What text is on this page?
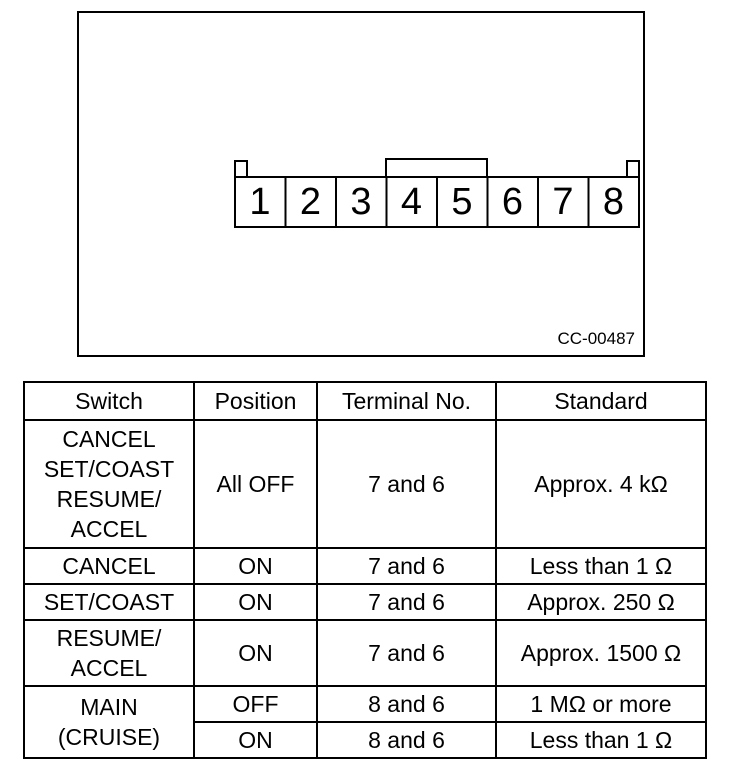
1 2 3 4 5 6 7 8
CC-00487
Switch	Position	Terminal No.	Standard
CANCEL
SET/COAST
RESUME/
ACCEL	All OFF	7 and 6	Approx. 4 kΩ
CANCEL	ON	7 and 6	Less than 1 Ω
SET/COAST	ON	7 and 6	Approx. 250 Ω
RESUME/
ACCEL	ON	7 and 6	Approx. 1500 Ω
MAIN
(CRUISE)	OFF	8 and 6	1 MΩ or more
	ON	8 and 6	Less than 1 Ω
